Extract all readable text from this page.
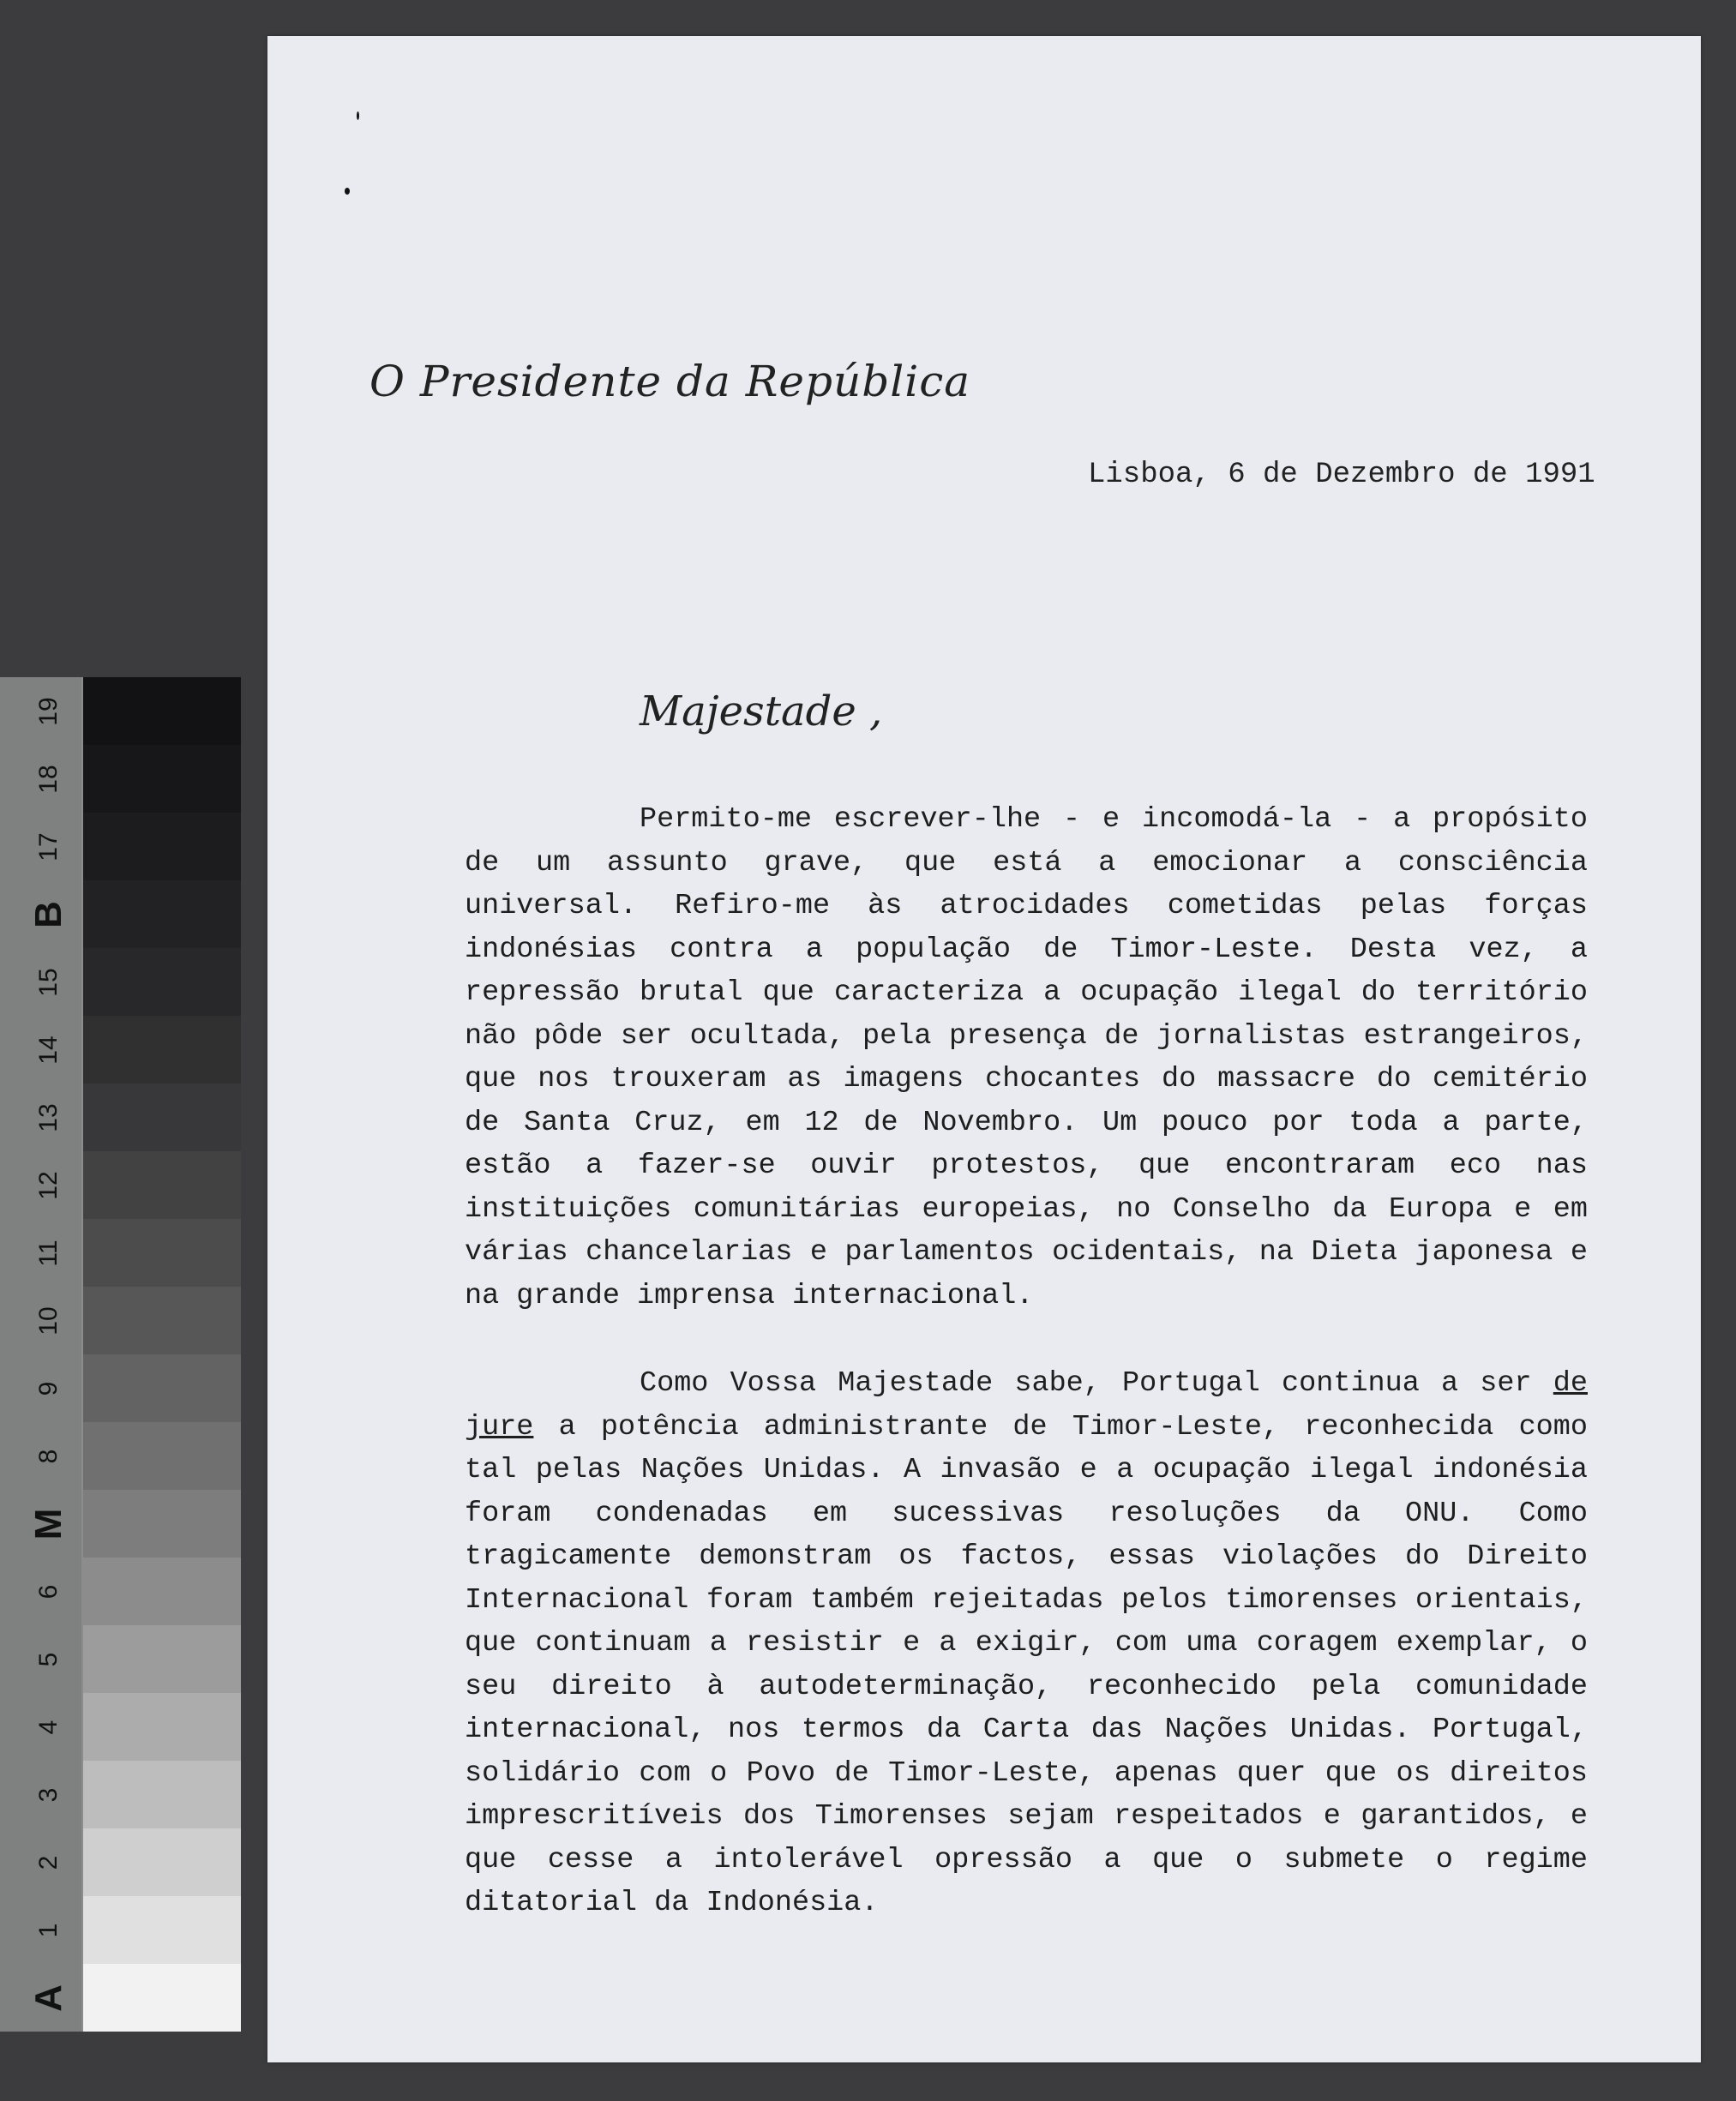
A
1
2
3
4
5
6
M
8
9
10
11
12
13
14
15
B
17
18
19
O Presidente da República
Lisboa, 6 de Dezembro de 1991
Majestade ,
Permito-me escrever-lhe - e incomodá-la - a propósito de um assunto grave, que está a emocionar a consciência universal. Refiro-me às atrocidades cometidas pelas forças indonésias contra a população de Timor-Leste. Desta vez, a repressão brutal que caracteriza a ocupação ilegal do território não pôde ser ocultada, pela presença de jornalistas estrangeiros, que nos trouxeram as imagens chocantes do massacre do cemitério de Santa Cruz, em 12 de Novembro. Um pouco por toda a parte, estão a fazer-se ouvir protestos, que encontraram eco nas instituições comunitárias europeias, no Conselho da Europa e em várias chancelarias e parlamentos ocidentais, na Dieta japonesa e na grande imprensa internacional.
Como Vossa Majestade sabe, Portugal continua a ser de jure a potência administrante de Timor-Leste, reconhecida como tal pelas Nações Unidas. A invasão e a ocupação ilegal indonésia foram condenadas em sucessivas resoluções da ONU. Como tragicamente demonstram os factos, essas violações do Direito Internacional foram também rejeitadas pelos timorenses orientais, que continuam a resistir e a exigir, com uma coragem exemplar, o seu direito à autodeterminação, reconhecido pela comunidade internacional, nos termos da Carta das Nações Unidas. Portugal, solidário com o Povo de Timor-Leste, apenas quer que os direitos imprescritíveis dos Timorenses sejam respeitados e garantidos, e que cesse a intolerável opressão a que o submete o regime ditatorial da Indonésia.
